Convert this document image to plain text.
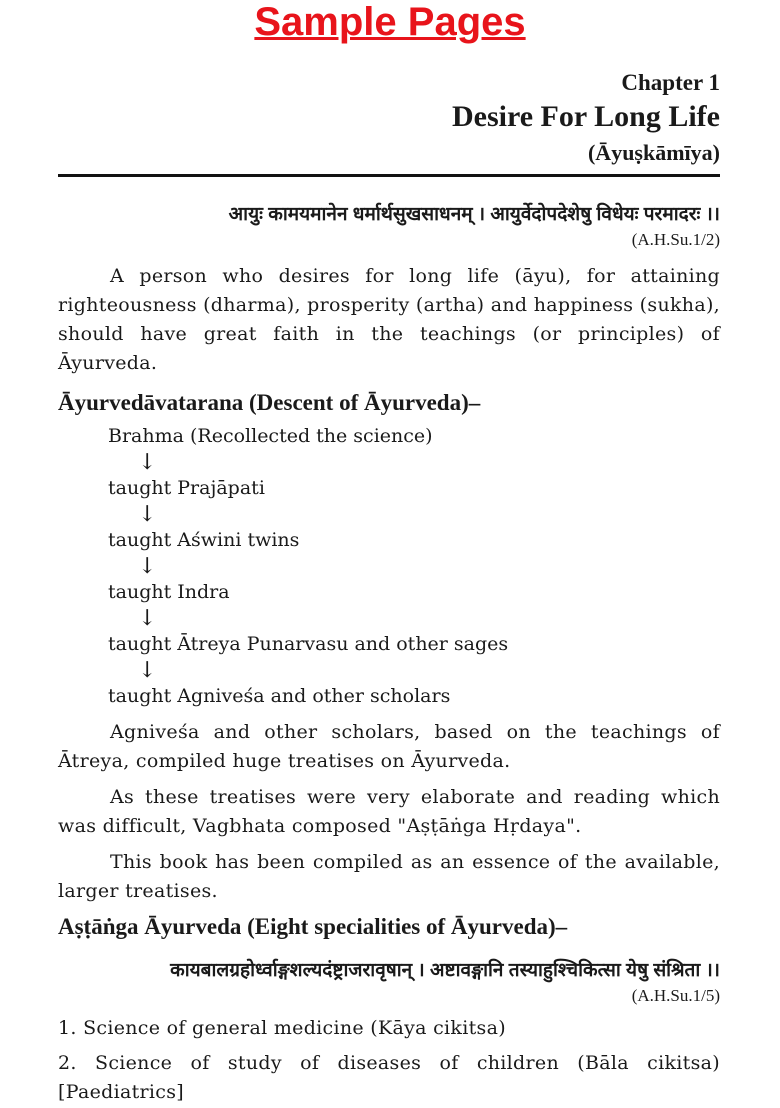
Sample Pages
Chapter 1
Desire For Long Life
(Āyuṣkāmīya)
आयुः कामयमानेन धर्मार्थसुखसाधनम् । आयुर्वेदोपदेशेषु विधेयः परमादरः ।।
(A.H.Su.1/2)
A person who desires for long life (āyu), for attaining righteousness (dharma), prosperity (artha) and happiness (sukha), should have great faith in the teachings (or principles) of Āyurveda.
Āyurvedāvatarana (Descent of Āyurveda)–
Brahma (Recollected the science)
↓
taught Prajāpati
↓
taught Aświni twins
↓
taught Indra
↓
taught Ātreya Punarvasu and other sages
↓
taught Agniveśa and other scholars
Agniveśa and other scholars, based on the teachings of Ātreya, compiled huge treatises on Āyurveda.
As these treatises were very elaborate and reading which was difficult, Vagbhata composed "Aṣṭāṅga Hṛdaya".
This book has been compiled as an essence of the available, larger treatises.
Aṣṭāṅga Āyurveda (Eight specialities of Āyurveda)–
कायबालग्रहोर्ध्वाङ्गशल्यदंष्ट्राजरावृषान् । अष्टावङ्गानि तस्याहुश्चिकित्सा येषु संश्रिता ।।
(A.H.Su.1/5)
1. Science of general medicine (Kāya cikitsa)
2. Science of study of diseases of children (Bāla cikitsa) [Paediatrics]
